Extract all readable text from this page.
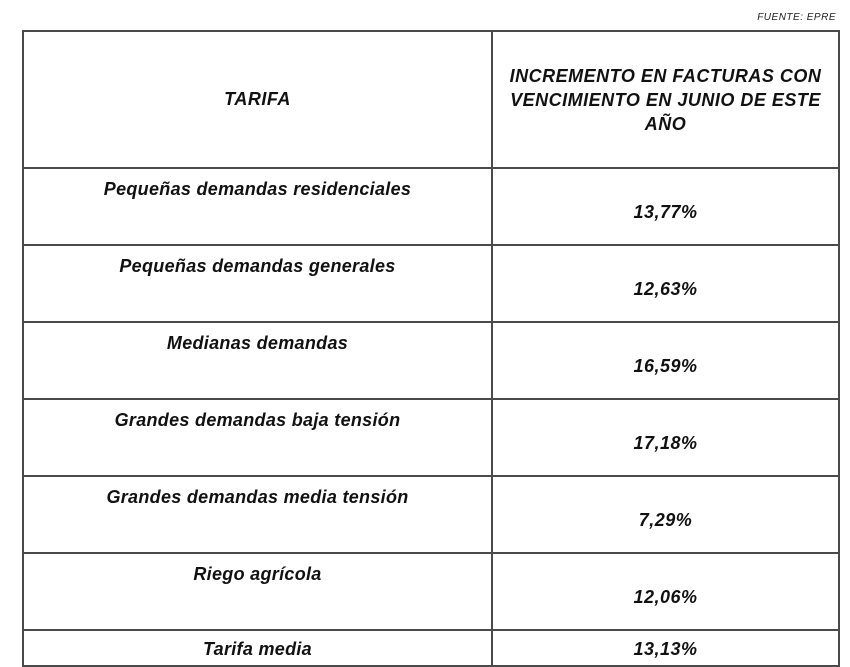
FUENTE: EPRE
TARIFA	INCREMENTO EN FACTURAS CON VENCIMIENTO EN JUNIO DE ESTE AÑO
Pequeñas demandas residenciales	13,77%
Pequeñas demandas generales	12,63%
Medianas demandas	16,59%
Grandes demandas baja tensión	17,18%
Grandes demandas media tensión	7,29%
Riego agrícola	12,06%
Tarifa media	13,13%
